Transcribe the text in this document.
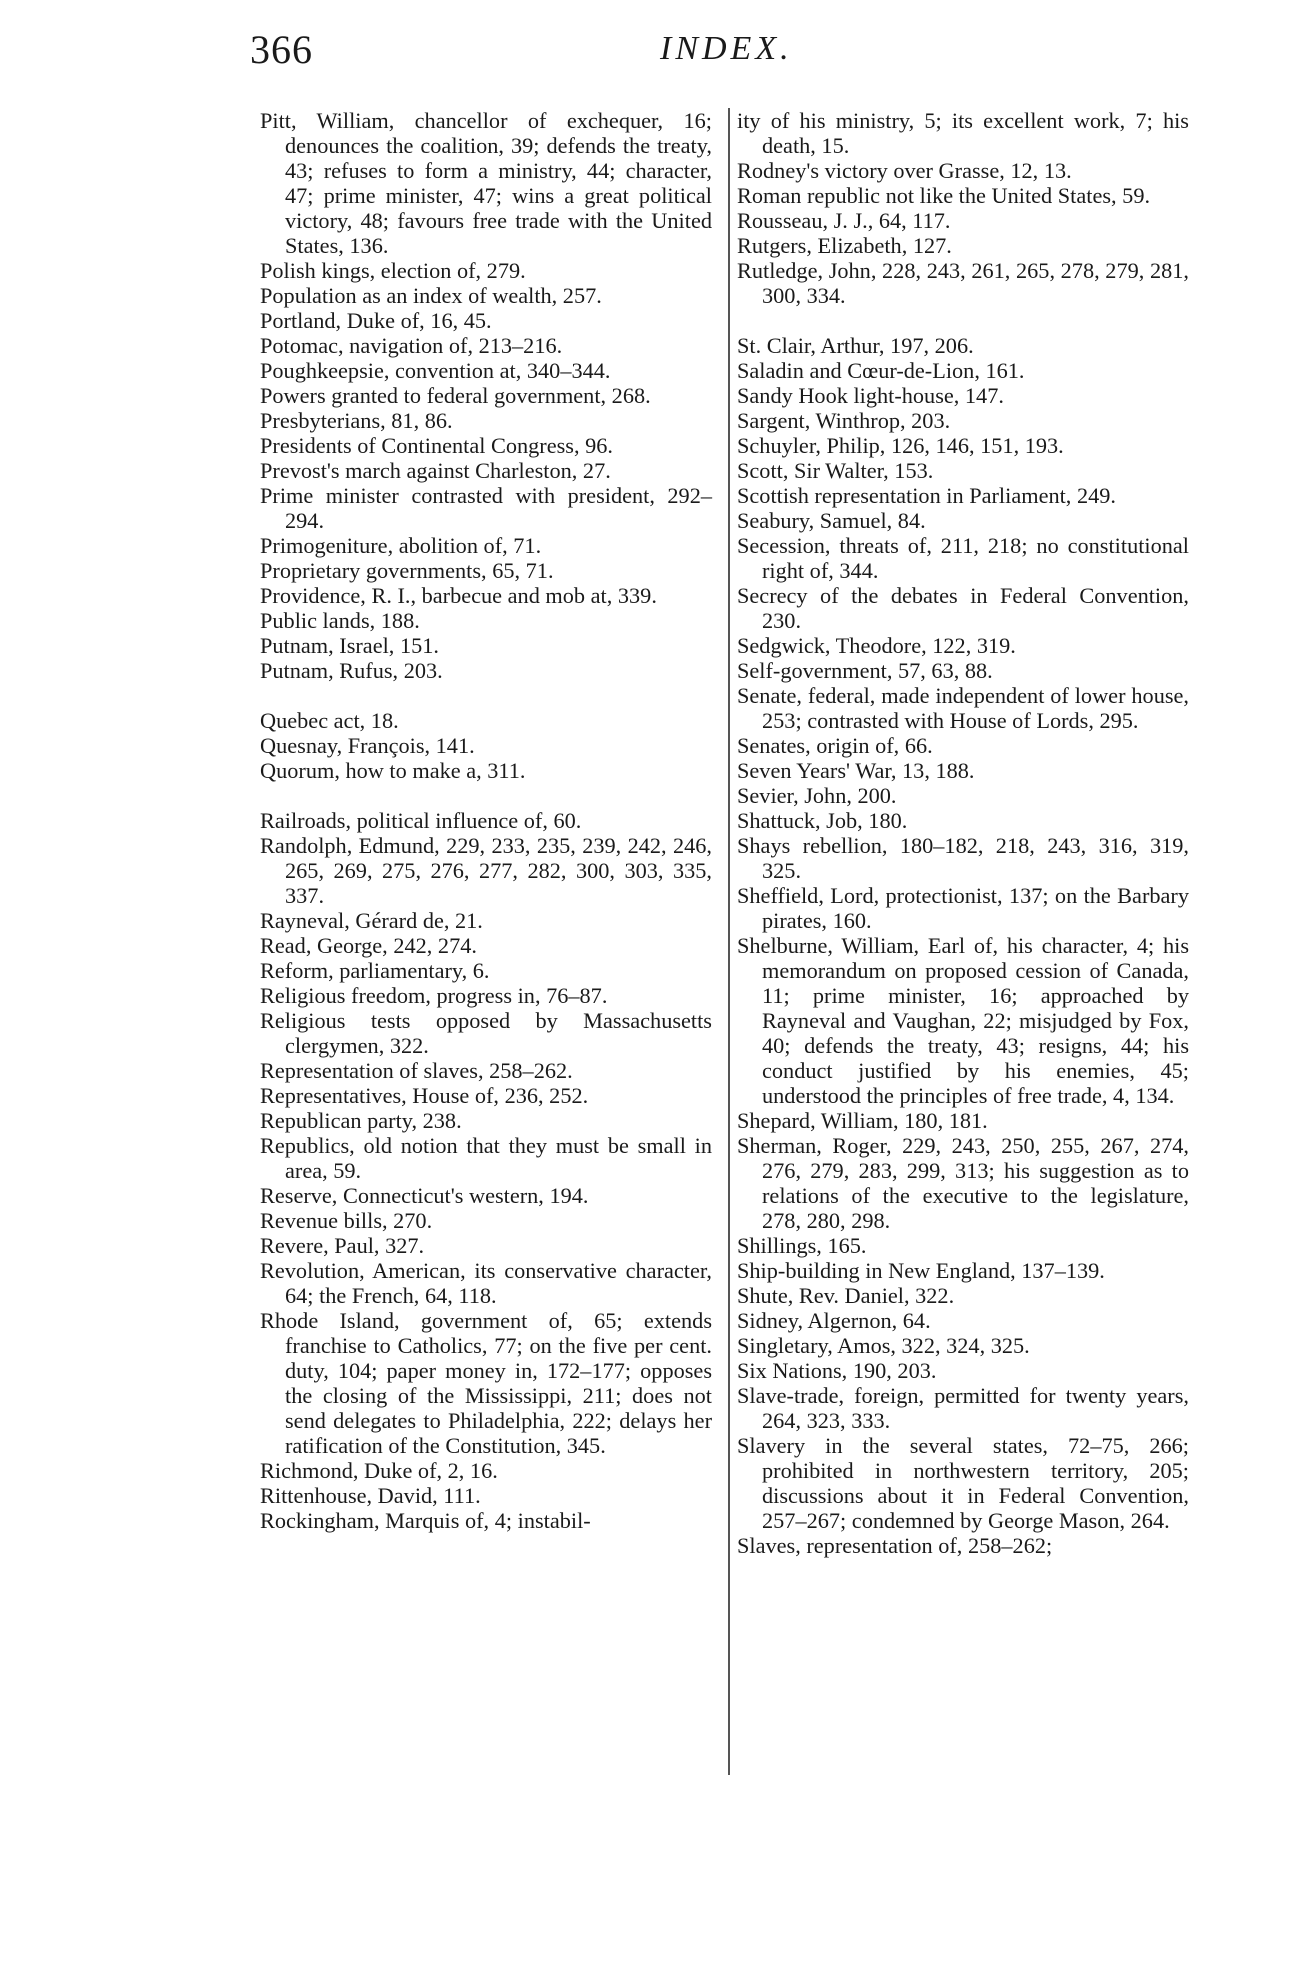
366	INDEX.

Pitt, William, chancellor of exchequer, 16; denounces the coalition, 39; defends the treaty, 43; refuses to form a ministry, 44; character, 47; prime minister, 47; wins a great political victory, 48; favours free trade with the United States, 136.

Polish kings, election of, 279.

Population as an index of wealth, 257.

Portland, Duke of, 16, 45.

Potomac, navigation of, 213–216.

Poughkeepsie, convention at, 340–344.

Powers granted to federal government, 268.

Presbyterians, 81, 86.

Presidents of Continental Congress, 96.

Prevost's march against Charleston, 27.

Prime minister contrasted with president, 292–294.

Primogeniture, abolition of, 71.

Proprietary governments, 65, 71.

Providence, R. I., barbecue and mob at, 339.

Public lands, 188.

Putnam, Israel, 151.

Putnam, Rufus, 203.

Quebec act, 18.

Quesnay, François, 141.

Quorum, how to make a, 311.

Railroads, political influence of, 60.

Randolph, Edmund, 229, 233, 235, 239, 242, 246, 265, 269, 275, 276, 277, 282, 300, 303, 335, 337.

Rayneval, Gérard de, 21.

Read, George, 242, 274.

Reform, parliamentary, 6.

Religious freedom, progress in, 76–87.

Religious tests opposed by Massachusetts clergymen, 322.

Representation of slaves, 258–262.

Representatives, House of, 236, 252.

Republican party, 238.

Republics, old notion that they must be small in area, 59.

Reserve, Connecticut's western, 194.

Revenue bills, 270.

Revere, Paul, 327.

Revolution, American, its conservative character, 64; the French, 64, 118.

Rhode Island, government of, 65; extends franchise to Catholics, 77; on the five per cent. duty, 104; paper money in, 172–177; opposes the closing of the Mississippi, 211; does not send delegates to Philadelphia, 222; delays her ratification of the Constitution, 345.

Richmond, Duke of, 2, 16.

Rittenhouse, David, 111.

Rockingham, Marquis of, 4; instabil-

ity of his ministry, 5; its excellent work, 7; his death, 15.

Rodney's victory over Grasse, 12, 13.

Roman republic not like the United States, 59.

Rousseau, J. J., 64, 117.

Rutgers, Elizabeth, 127.

Rutledge, John, 228, 243, 261, 265, 278, 279, 281, 300, 334.

St. Clair, Arthur, 197, 206.

Saladin and Cœur-de-Lion, 161.

Sandy Hook light-house, 147.

Sargent, Winthrop, 203.

Schuyler, Philip, 126, 146, 151, 193.

Scott, Sir Walter, 153.

Scottish representation in Parliament, 249.

Seabury, Samuel, 84.

Secession, threats of, 211, 218; no constitutional right of, 344.

Secrecy of the debates in Federal Convention, 230.

Sedgwick, Theodore, 122, 319.

Self-government, 57, 63, 88.

Senate, federal, made independent of lower house, 253; contrasted with House of Lords, 295.

Senates, origin of, 66.

Seven Years' War, 13, 188.

Sevier, John, 200.

Shattuck, Job, 180.

Shays rebellion, 180–182, 218, 243, 316, 319, 325.

Sheffield, Lord, protectionist, 137; on the Barbary pirates, 160.

Shelburne, William, Earl of, his character, 4; his memorandum on proposed cession of Canada, 11; prime minister, 16; approached by Rayneval and Vaughan, 22; misjudged by Fox, 40; defends the treaty, 43; resigns, 44; his conduct justified by his enemies, 45; understood the principles of free trade, 4, 134.

Shepard, William, 180, 181.

Sherman, Roger, 229, 243, 250, 255, 267, 274, 276, 279, 283, 299, 313; his suggestion as to relations of the executive to the legislature, 278, 280, 298.

Shillings, 165.

Ship-building in New England, 137–139.

Shute, Rev. Daniel, 322.

Sidney, Algernon, 64.

Singletary, Amos, 322, 324, 325.

Six Nations, 190, 203.

Slave-trade, foreign, permitted for twenty years, 264, 323, 333.

Slavery in the several states, 72–75, 266; prohibited in northwestern territory, 205; discussions about it in Federal Convention, 257–267; condemned by George Mason, 264.

Slaves, representation of, 258–262;
